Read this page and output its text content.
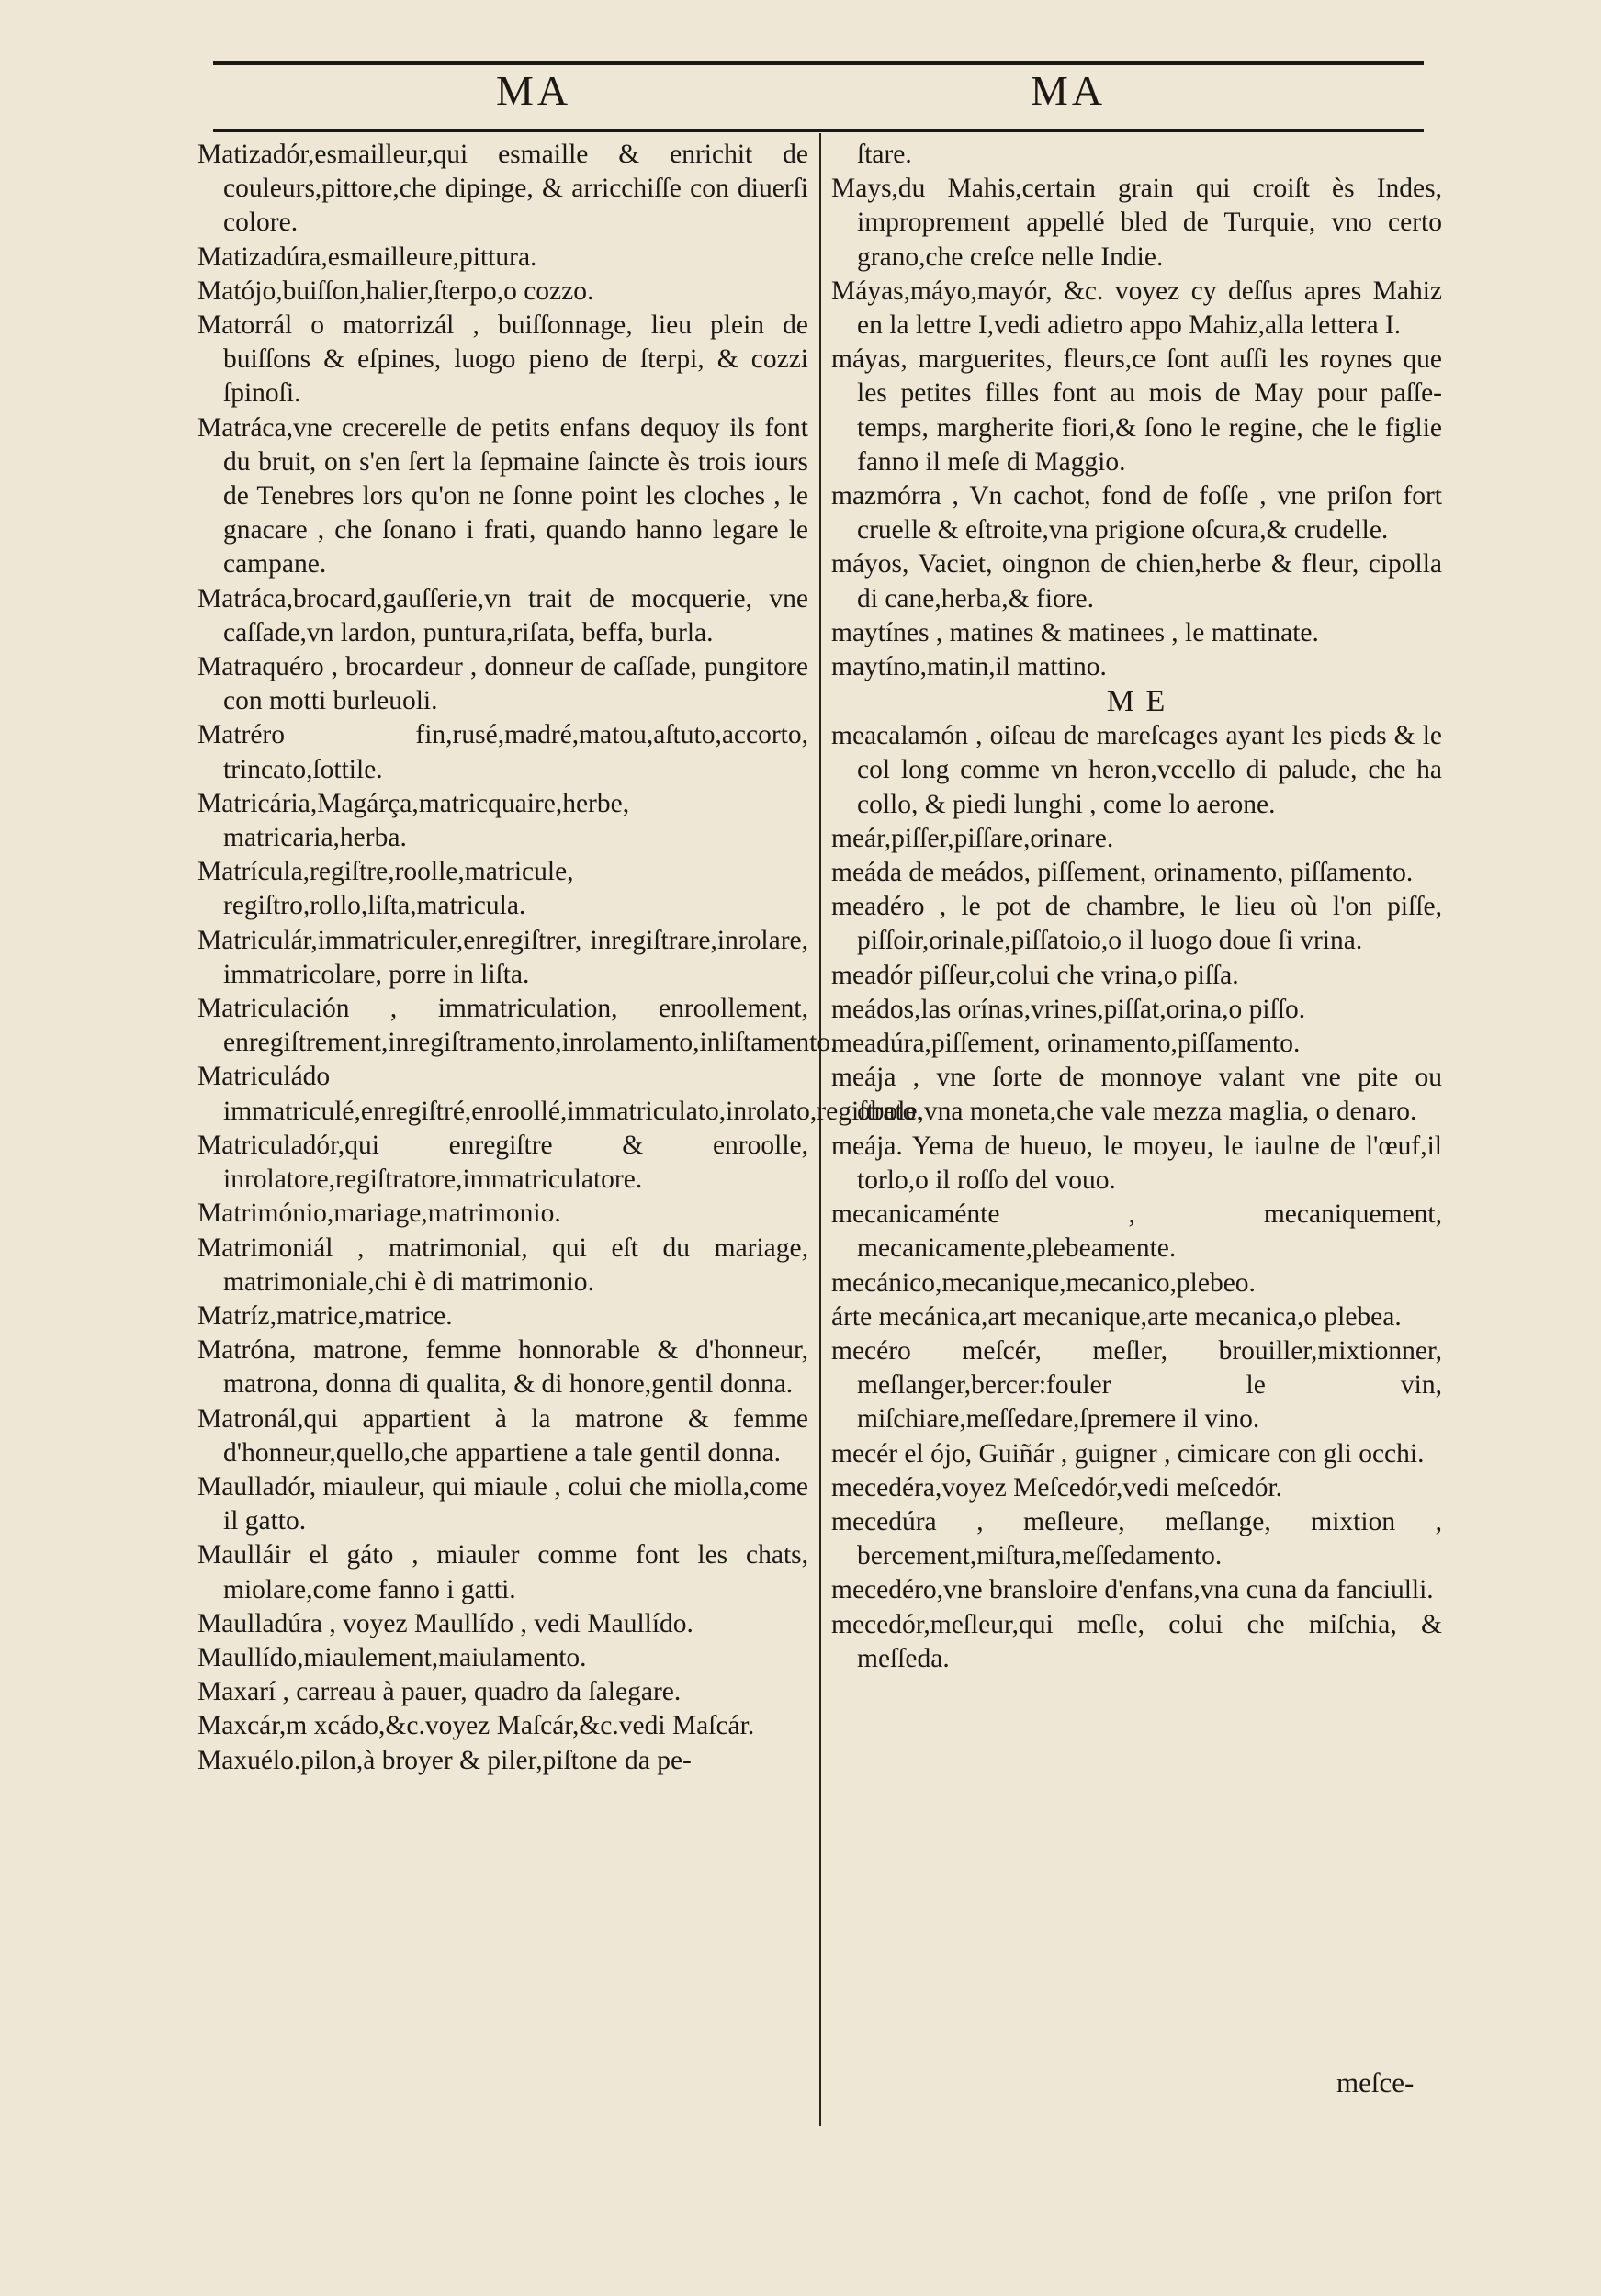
MA	MA

Matizadór,esmailleur,qui esmaille & enrichit de couleurs,pittore,che dipinge, & arricchiſſe con diuerſi colore.

Matizadúra,esmailleure,pittura.

Matójo,buiſſon,halier,ſterpo,o cozzo.

Matorrál o matorrizál , buiſſonnage, lieu plein de buiſſons & eſpines, luogo pieno de ſterpi, & cozzi ſpinoſi.

Matráca,vne crecerelle de petits enfans dequoy ils font du bruit, on s'en ſert la ſepmaine ſaincte ès trois iours de Tenebres lors qu'on ne ſonne point les cloches , le gnacare , che ſonano i frati, quando hanno legare le campane.

Matráca,brocard,gauſſerie,vn trait de mocquerie, vne caſſade,vn lardon, puntura,riſata, beffa, burla.

Matraquéro , brocardeur , donneur de caſſade, pungitore con motti burleuoli.

Matréro fin,rusé,madré,matou,aſtuto,accorto, trincato,ſottile.

Matricária,Magárça,matricquaire,herbe, matricaria,herba.

Matrícula,regiſtre,roolle,matricule, regiſtro,rollo,liſta,matricula.

Matriculár,immatriculer,enregiſtrer, inregiſtrare,inrolare, immatricolare, porre in liſta.

Matriculación , immatriculation, enroollement, enregiſtrement,inregiſtramento,inrolamento,inliſtamento.

Matriculádo immatriculé,enregiſtré,enroollé,immatriculato,inrolato,regiſtrato.

Matriculadór,qui enregiſtre & enroolle, inrolatore,regiſtratore,immatriculatore.

Matrimónio,mariage,matrimonio.

Matrimoniál , matrimonial, qui eſt du mariage, matrimoniale,chi è di matrimonio.

Matríz,matrice,matrice.

Matróna, matrone, femme honnorable & d'honneur, matrona, donna di qualita, & di honore,gentil donna.

Matronál,qui appartient à la matrone & femme d'honneur,quello,che appartiene a tale gentil donna.

Maulladór, miauleur, qui miaule , colui che miolla,come il gatto.

Maulláir el gáto , miauler comme font les chats, miolare,come fanno i gatti.

Maulladúra , voyez Maullído , vedi Maullído.

Maullído,miaulement,maiulamento.

Maxarí , carreau à pauer, quadro da ſalegare.

Maxcár,m xcádo,&c.voyez Maſcár,&c.vedi Maſcár.

Maxuélo.pilon,à broyer & piler,piſtone da pe-

ſtare.

Mays,du Mahis,certain grain qui croiſt ès Indes, improprement appellé bled de Turquie, vno certo grano,che creſce nelle Indie.

Máyas,máyo,mayór, &c. voyez cy deſſus apres Mahiz en la lettre I,vedi adietro appo Mahiz,alla lettera I.

máyas, marguerites, fleurs,ce ſont auſſi les roynes que les petites filles font au mois de May pour paſſe-temps, margherite fiori,& ſono le regine, che le figlie fanno il meſe di Maggio.

mazmórra , Vn cachot, fond de foſſe , vne priſon fort cruelle & eſtroite,vna prigione oſcura,& crudelle.

máyos, Vaciet, oingnon de chien,herbe & fleur, cipolla di cane,herba,& fiore.

maytínes , matines & matinees , le mattinate.

maytíno,matin,il mattino.

M E

meacalamón , oiſeau de mareſcages ayant les pieds & le col long comme vn heron,vccello di palude, che ha collo, & piedi lunghi , come lo aerone.

meár,piſſer,piſſare,orinare.

meáda de meádos, piſſement, orinamento, piſſamento.

meadéro , le pot de chambre, le lieu où l'on piſſe, piſſoir,orinale,piſſatoio,o il luogo doue ſi vrina.

meadór piſſeur,colui che vrina,o piſſa.

meádos,las orínas,vrines,piſſat,orina,o piſſo.

meadúra,piſſement, orinamento,piſſamento.

meája , vne ſorte de monnoye valant vne pite ou obole,vna moneta,che vale mezza maglia, o denaro.

meája. Yema de hueuo, le moyeu, le iaulne de l'œuf,il torlo,o il roſſo del vouo.

mecanicaménte , mecaniquement, mecanicamente,plebeamente.

mecánico,mecanique,mecanico,plebeo.

árte mecánica,art mecanique,arte mecanica,o plebea.

mecéro meſcér, meſler, brouiller,mixtionner, meſlanger,bercer:fouler le vin, miſchiare,meſſedare,ſpremere il vino.

mecér el ójo, Guiñár , guigner , cimicare con gli occhi.

mecedéra,voyez Meſcedór,vedi meſcedór.

mecedúra , meſleure, meſlange, mixtion , bercement,miſtura,meſſedamento.

mecedéro,vne bransloire d'enfans,vna cuna da fanciulli.

mecedór,meſleur,qui meſle, colui che miſchia, & meſſeda.

meſce-
